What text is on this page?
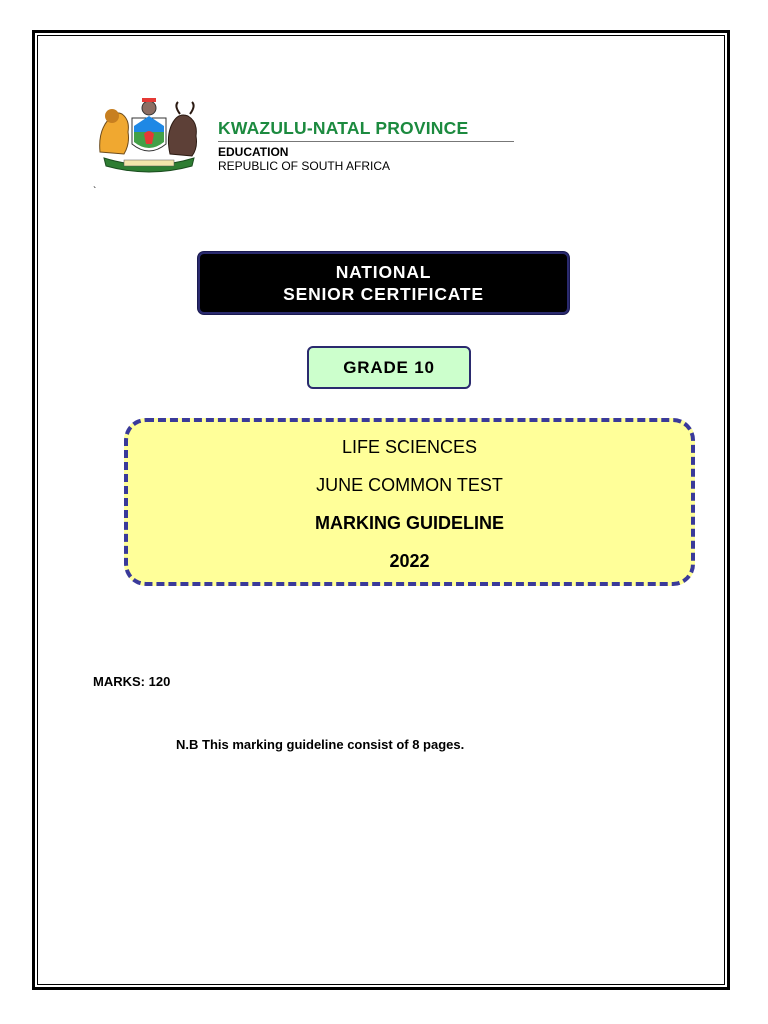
KWAZULU-NATAL PROVINCE
EDUCATION
REPUBLIC OF SOUTH AFRICA
`
NATIONAL
SENIOR CERTIFICATE
GRADE 10
LIFE SCIENCES
JUNE COMMON TEST
MARKING GUIDELINE
2022
MARKS: 120
N.B This marking guideline consist of 8 pages.
